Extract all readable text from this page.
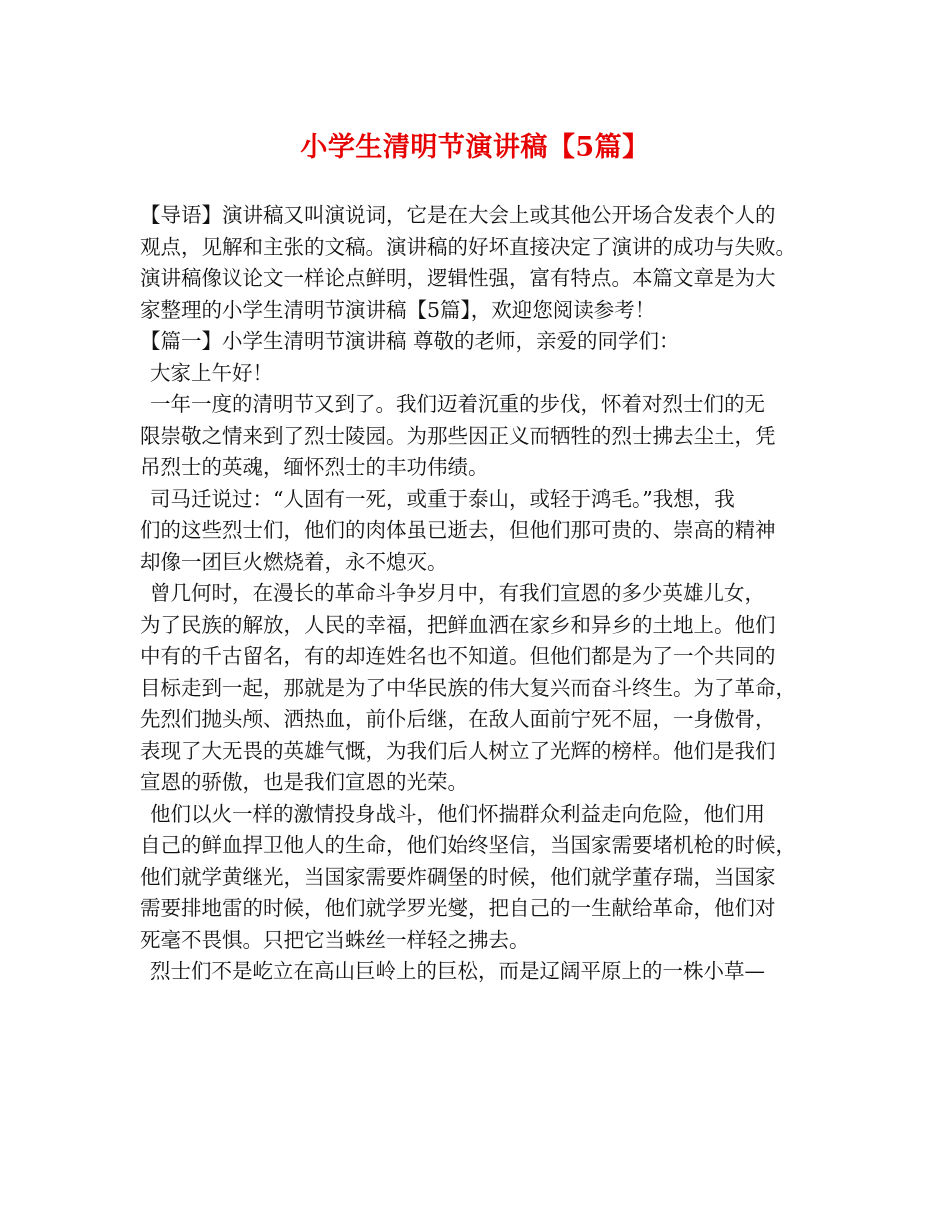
小学生清明节演讲稿【5篇】
【导语】演讲稿又叫演说词，它是在大会上或其他公开场合发表个人的
观点，见解和主张的文稿。演讲稿的好坏直接决定了演讲的成功与失败。
演讲稿像议论文一样论点鲜明，逻辑性强，富有特点。本篇文章是为大
家整理的小学生清明节演讲稿【5篇】，欢迎您阅读参考！
【篇一】小学生清明节演讲稿 尊敬的老师，亲爱的同学们：
大家上午好！
一年一度的清明节又到了。我们迈着沉重的步伐，怀着对烈士们的无
限崇敬之情来到了烈士陵园。为那些因正义而牺牲的烈士拂去尘土，凭
吊烈士的英魂，缅怀烈士的丰功伟绩。
司马迁说过：“人固有一死，或重于泰山，或轻于鸿毛。”我想，我
们的这些烈士们，他们的肉体虽已逝去，但他们那可贵的、崇高的精神
却像一团巨火燃烧着，永不熄灭。
曾几何时，在漫长的革命斗争岁月中，有我们宣恩的多少英雄儿女，
为了民族的解放，人民的幸福，把鲜血洒在家乡和异乡的土地上。他们
中有的千古留名，有的却连姓名也不知道。但他们都是为了一个共同的
目标走到一起，那就是为了中华民族的伟大复兴而奋斗终生。为了革命，
先烈们抛头颅、洒热血，前仆后继，在敌人面前宁死不屈，一身傲骨，
表现了大无畏的英雄气慨，为我们后人树立了光辉的榜样。他们是我们
宣恩的骄傲，也是我们宣恩的光荣。
他们以火一样的激情投身战斗，他们怀揣群众利益走向危险，他们用
自己的鲜血捍卫他人的生命，他们始终坚信，当国家需要堵机枪的时候，
他们就学黄继光，当国家需要炸碉堡的时候，他们就学董存瑞，当国家
需要排地雷的时候，他们就学罗光燮，把自己的一生献给革命，他们对
死毫不畏惧。只把它当蛛丝一样轻之拂去。
烈士们不是屹立在高山巨岭上的巨松，而是辽阔平原上的一株小草—
